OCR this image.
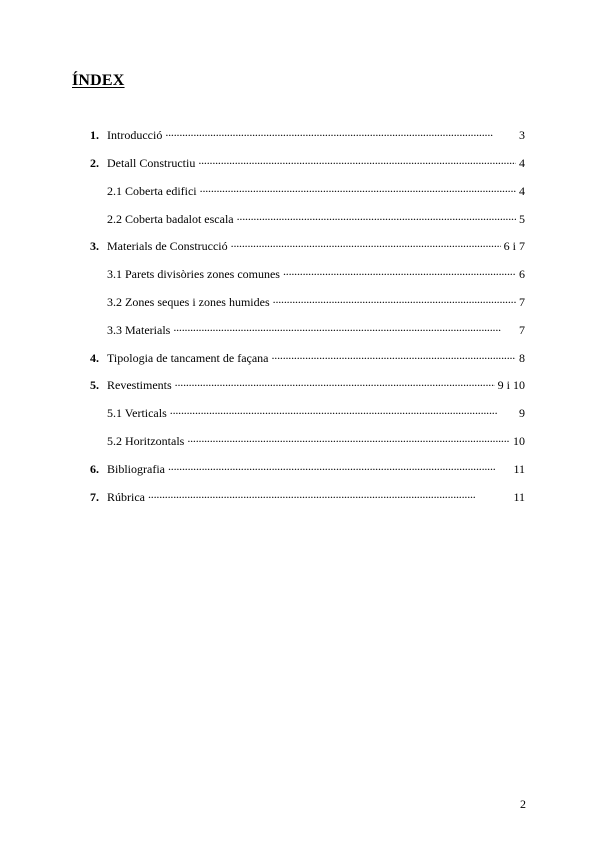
ÍNDEX
1. Introducció . . .	3
2. Detall Constructiu . . .	4
2.1 Coberta edifici . . .	4
2.2 Coberta badalot escala . . .	5
3. Materials de Construcció . . .	6 i 7
3.1 Parets divisòries zones comunes . . .	6
3.2 Zones seques i zones humides . . .	7
3.3 Materials . . .	7
4. Tipologia de tancament de façana . . .	8
5. Revestiments . . .	9 i 10
5.1 Verticals . . .	9
5.2 Horitzontals . . .	10
6. Bibliografia . . .	11
7. Rúbrica . . .	11
2
